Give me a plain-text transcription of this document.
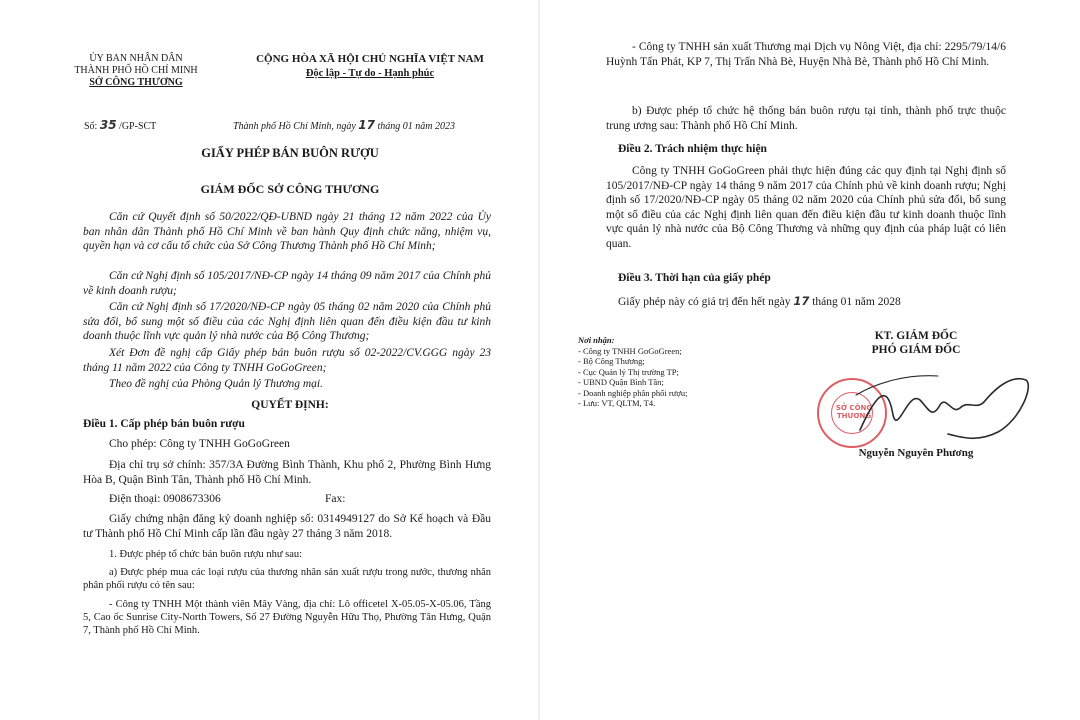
ỦY BAN NHÂN DÂN
THÀNH PHỐ HỒ CHÍ MINH
SỞ CÔNG THƯƠNG
CỘNG HÒA XÃ HỘI CHỦ NGHĨA VIỆT NAM
Độc lập - Tự do - Hạnh phúc
Số: 35 /GP-SCT	Thành phố Hồ Chí Minh, ngày 17 tháng 01 năm 2023
GIẤY PHÉP BÁN BUÔN RƯỢU
GIÁM ĐỐC SỞ CÔNG THƯƠNG
Căn cứ Quyết định số 50/2022/QĐ-UBND ngày 21 tháng 12 năm 2022 của Ủy ban nhân dân Thành phố Hồ Chí Minh về ban hành Quy định chức năng, nhiệm vụ, quyền hạn và cơ cấu tổ chức của Sở Công Thương Thành phố Hồ Chí Minh;
Căn cứ Nghị định số 105/2017/NĐ-CP ngày 14 tháng 09 năm 2017 của Chính phủ về kinh doanh rượu;
Căn cứ Nghị định số 17/2020/NĐ-CP ngày 05 tháng 02 năm 2020 của Chính phủ sửa đổi, bổ sung một số điều của các Nghị định liên quan đến điều kiện đầu tư kinh doanh thuộc lĩnh vực quản lý nhà nước của Bộ Công Thương;
Xét Đơn đề nghị cấp Giấy phép bán buôn rượu số 02-2022/CV.GGG ngày 23 tháng 11 năm 2022 của Công ty TNHH GoGoGreen;
Theo đề nghị của Phòng Quản lý Thương mại.
QUYẾT ĐỊNH:
Điều 1. Cấp phép bán buôn rượu
Cho phép: Công ty TNHH GoGoGreen
Địa chỉ trụ sở chính: 357/3A Đường Bình Thành, Khu phố 2, Phường Bình Hưng Hòa B, Quận Bình Tân, Thành phố Hồ Chí Minh.
Điện thoại: 0908673306	Fax:
Giấy chứng nhận đăng ký doanh nghiệp số: 0314949127 do Sở Kế hoạch và Đầu tư Thành phố Hồ Chí Minh cấp lần đầu ngày 27 tháng 3 năm 2018.
1. Được phép tổ chức bán buôn rượu như sau:
a) Được phép mua các loại rượu của thương nhân sản xuất rượu trong nước, thương nhân phân phối rượu có tên sau:
- Công ty TNHH Một thành viên Mây Vàng, địa chỉ: Lô officetel X-05.05-X-05.06, Tầng 5, Cao ốc Sunrise City-North Towers, Số 27 Đường Nguyễn Hữu Thọ, Phường Tân Hưng, Quận 7, Thành phố Hồ Chí Minh.
- Công ty TNHH sản xuất Thương mại Dịch vụ Nông Việt, địa chỉ: 2295/79/14/6 Huỳnh Tấn Phát, KP 7, Thị Trấn Nhà Bè, Huyện Nhà Bè, Thành phố Hồ Chí Minh.
b) Được phép tổ chức hệ thống bán buôn rượu tại tỉnh, thành phố trực thuộc trung ương sau: Thành phố Hồ Chí Minh.
Điều 2. Trách nhiệm thực hiện
Công ty TNHH GoGoGreen phải thực hiện đúng các quy định tại Nghị định số 105/2017/NĐ-CP ngày 14 tháng 9 năm 2017 của Chính phủ về kinh doanh rượu; Nghị định số 17/2020/NĐ-CP ngày 05 tháng 02 năm 2020 của Chính phủ sửa đổi, bổ sung một số điều của các Nghị định liên quan đến điều kiện đầu tư kinh doanh thuộc lĩnh vực quản lý nhà nước của Bộ Công Thương và những quy định của pháp luật có liên quan.
Điều 3. Thời hạn của giấy phép
Giấy phép này có giá trị đến hết ngày 17 tháng 01 năm 2028
Nơi nhận:
- Công ty TNHH GoGoGreen;
- Bộ Công Thương;
- Cục Quản lý Thị trường TP;
- UBND Quận Bình Tân;
- Doanh nghiệp phân phối rượu;
- Lưu: VT, QLTM, T4.
KT. GIÁM ĐỐC
PHÓ GIÁM ĐỐC
SỞ CÔNG THƯƠNG
Nguyễn Nguyên Phương
